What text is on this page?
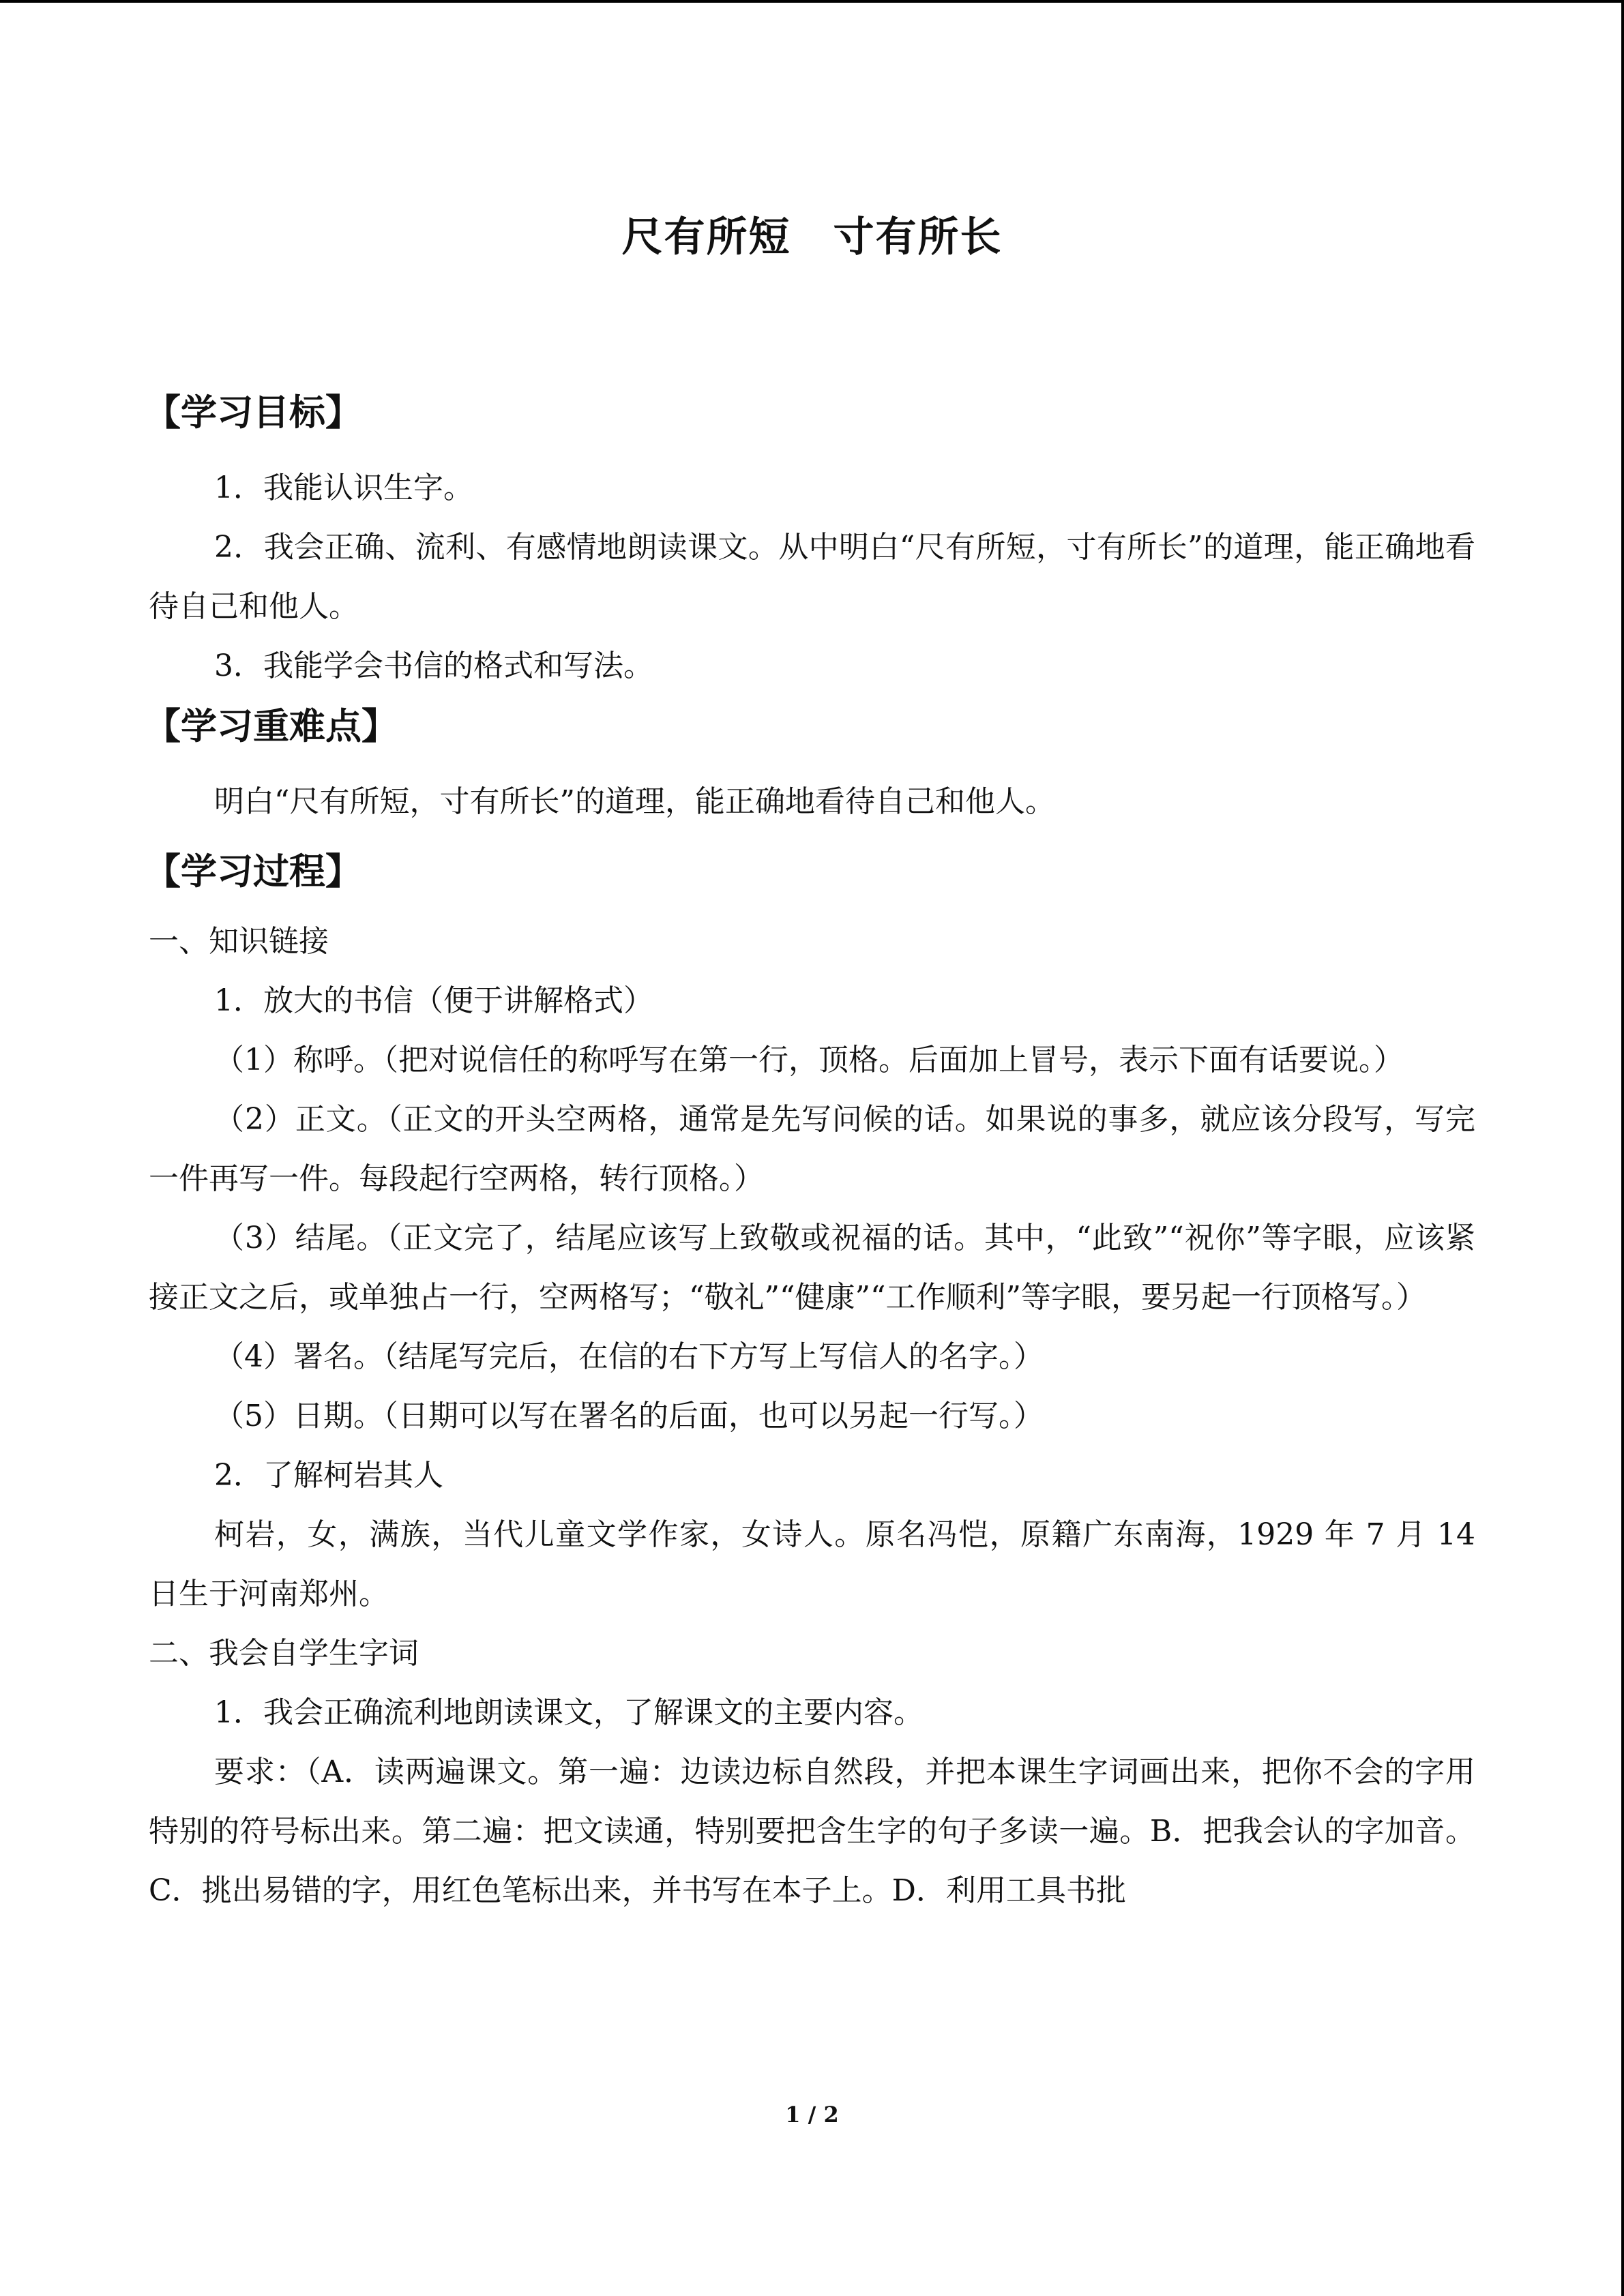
尺有所短　寸有所长

【学习目标】

1．我能认识生字。

2．我会正确、流利、有感情地朗读课文。从中明白“尺有所短，寸有所长”的道理，能正确地看待自己和他人。

3．我能学会书信的格式和写法。

【学习重难点】

明白“尺有所短，寸有所长”的道理，能正确地看待自己和他人。

【学习过程】

一、知识链接

1．放大的书信（便于讲解格式）

（1）称呼。（把对说信任的称呼写在第一行，顶格。后面加上冒号，表示下面有话要说。）

（2）正文。（正文的开头空两格，通常是先写问候的话。如果说的事多，就应该分段写，写完一件再写一件。每段起行空两格，转行顶格。）

（3）结尾。（正文完了，结尾应该写上致敬或祝福的话。其中，“此致”“祝你”等字眼，应该紧接正文之后，或单独占一行，空两格写；“敬礼”“健康”“工作顺利”等字眼，要另起一行顶格写。）

（4）署名。（结尾写完后，在信的右下方写上写信人的名字。）

（5）日期。（日期可以写在署名的后面，也可以另起一行写。）

2．了解柯岩其人

柯岩，女，满族，当代儿童文学作家，女诗人。原名冯恺，原籍广东南海，1929 年 7 月 14 日生于河南郑州。

二、我会自学生字词

1．我会正确流利地朗读课文，了解课文的主要内容。

要求：（A．读两遍课文。第一遍：边读边标自然段，并把本课生字词画出来，把你不会的字用特别的符号标出来。第二遍：把文读通，特别要把含生字的句子多读一遍。B．把我会认的字加音。C．挑出易错的字，用红色笔标出来，并书写在本子上。D．利用工具书批

1 / 2
